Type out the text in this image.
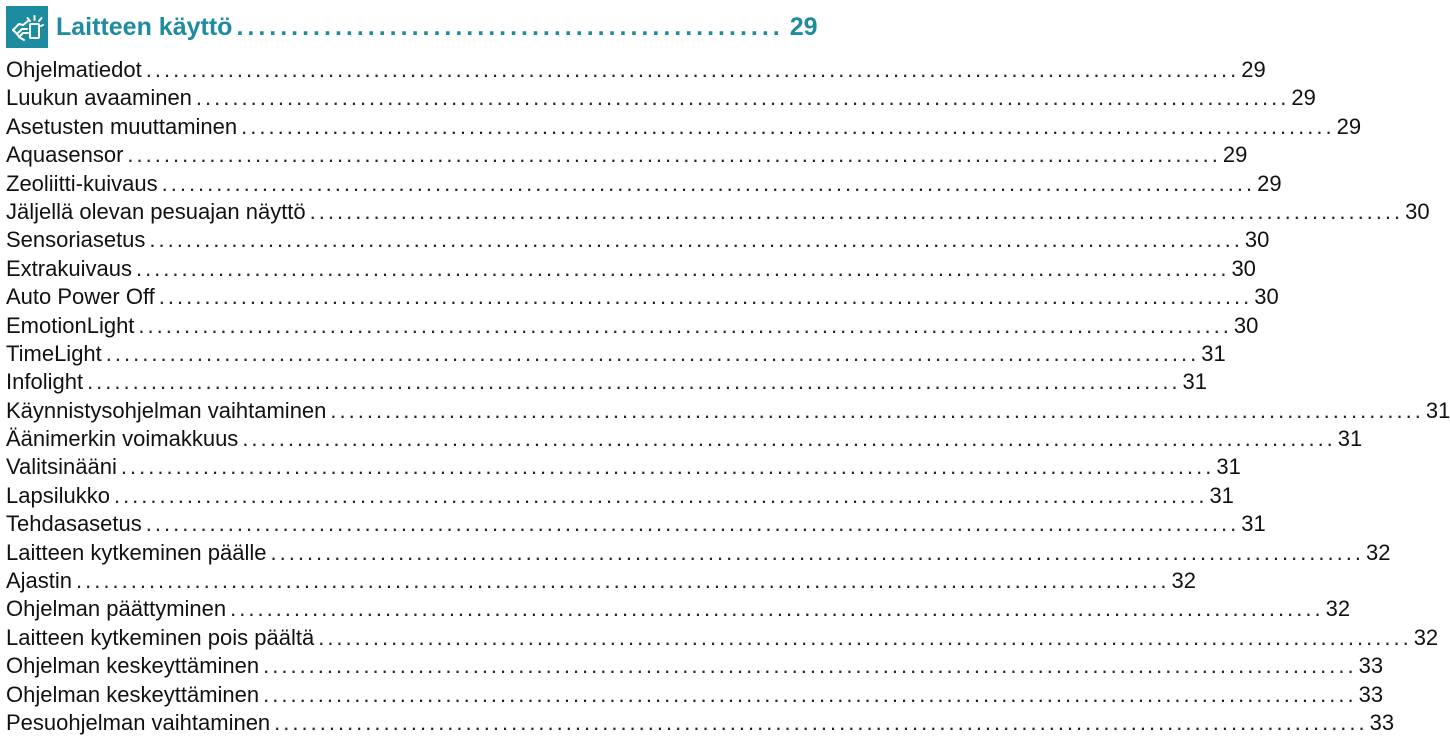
Laitteen käyttö .................................................. 29
Ohjelmatiedot ........................................................................................................................ 29
Luukun avaaminen ........................................................................................................................ 29
Asetusten muuttaminen ........................................................................................................................ 29
Aquasensor ........................................................................................................................ 29
Zeoliitti-kuivaus ........................................................................................................................ 29
Jäljellä olevan pesuajan näyttö ........................................................................................................................ 30
Sensoriasetus ........................................................................................................................ 30
Extrakuivaus ........................................................................................................................ 30
Auto Power Off ........................................................................................................................ 30
EmotionLight ........................................................................................................................ 30
TimeLight ........................................................................................................................ 31
Infolight ........................................................................................................................ 31
Käynnistysohjelman vaihtaminen ........................................................................................................................ 31
Äänimerkin voimakkuus ........................................................................................................................ 31
Valitsinääni ........................................................................................................................ 31
Lapsilukko ........................................................................................................................ 31
Tehdasasetus ........................................................................................................................ 31
Laitteen kytkeminen päälle ........................................................................................................................ 32
Ajastin ........................................................................................................................ 32
Ohjelman päättyminen ........................................................................................................................ 32
Laitteen kytkeminen pois päältä ........................................................................................................................ 32
Ohjelman keskeyttäminen ........................................................................................................................ 33
Ohjelman keskeyttäminen ........................................................................................................................ 33
Pesuohjelman vaihtaminen ........................................................................................................................ 33
